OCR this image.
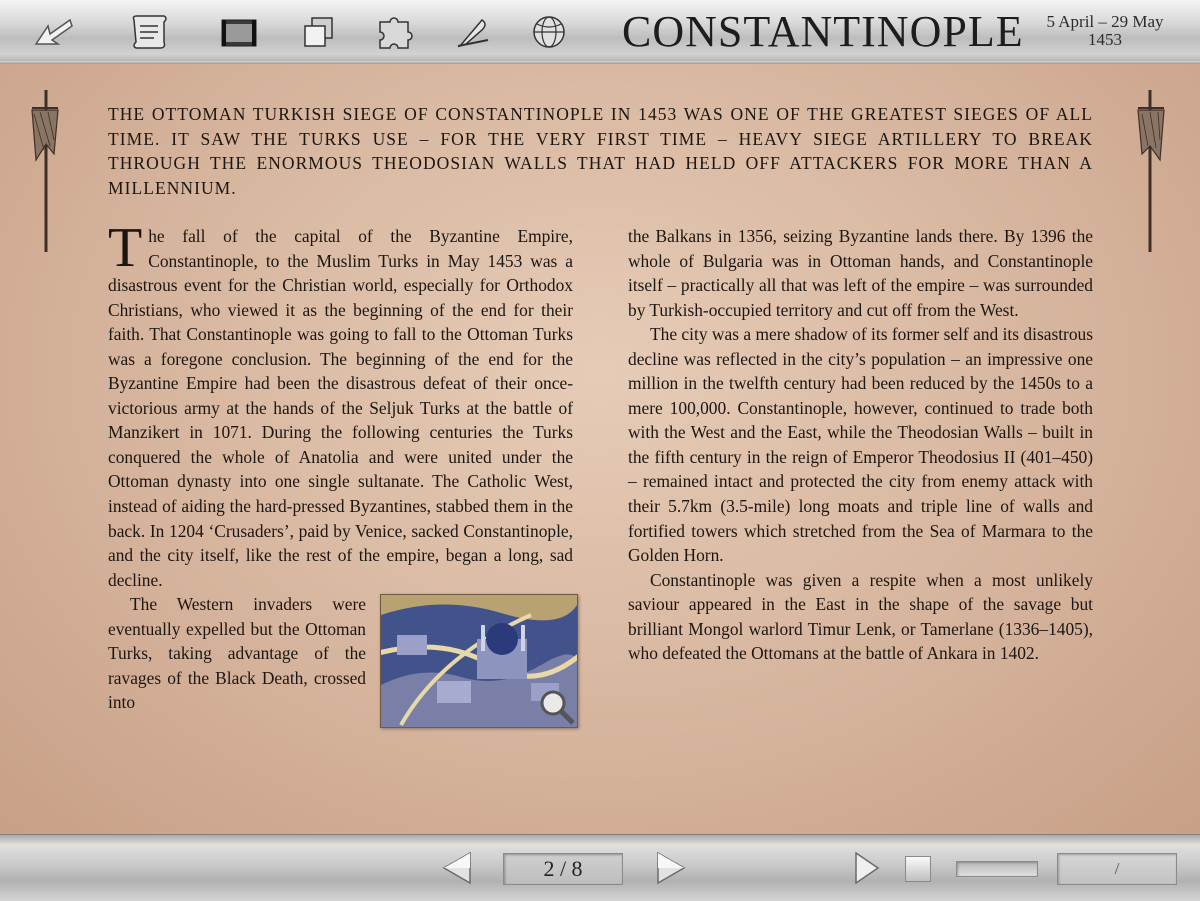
CONSTANTINOPLE	5 April – 29 May
1453

THE OTTOMAN TURKISH SIEGE OF CONSTANTINOPLE IN 1453 WAS ONE OF THE GREATEST SIEGES OF ALL TIME. IT SAW THE TURKS USE – FOR THE VERY FIRST TIME – HEAVY SIEGE ARTILLERY TO BREAK THROUGH THE ENORMOUS THEODOSIAN WALLS THAT HAD HELD OFF ATTACKERS FOR MORE THAN A MILLENNIUM.

The fall of the capital of the Byzantine Empire, Constantinople, to the Muslim Turks in May 1453 was a disastrous event for the Christian world, especially for Orthodox Christians, who viewed it as the beginning of the end for their faith. That Constantinople was going to fall to the Ottoman Turks was a foregone conclusion. The beginning of the end for the Byzantine Empire had been the disastrous defeat of their once-victorious army at the hands of the Seljuk Turks at the battle of Manzikert in 1071. During the following centuries the Turks conquered the whole of Anatolia and were united under the Ottoman dynasty into one single sultanate. The Catholic West, instead of aiding the hard-pressed Byzantines, stabbed them in the back. In 1204 ‘Crusaders’, paid by Venice, sacked Constantinople, and the city itself, like the rest of the empire, began a long, sad decline.

The Western invaders were eventually expelled but the Ottoman Turks, taking advantage of the ravages of the Black Death, crossed into

the Balkans in 1356, seizing Byzantine lands there. By 1396 the whole of Bulgaria was in Ottoman hands, and Constantinople itself – practically all that was left of the empire – was surrounded by Turkish-occupied territory and cut off from the West.

The city was a mere shadow of its former self and its disastrous decline was reflected in the city’s population – an impressive one million in the twelfth century had been reduced by the 1450s to a mere 100,000. Constantinople, however, continued to trade both with the West and the East, while the Theodosian Walls – built in the fifth century in the reign of Emperor Theodosius II (401–450) – remained intact and protected the city from enemy attack with their 5.7km (3.5-mile) long moats and triple line of walls and fortified towers which stretched from the Sea of Marmara to the Golden Horn.

Constantinople was given a respite when a most unlikely saviour appeared in the East in the shape of the savage but brilliant Mongol warlord Timur Lenk, or Tamerlane (1336–1405), who defeated the Ottomans at the battle of Ankara in 1402.

2 / 8	/
